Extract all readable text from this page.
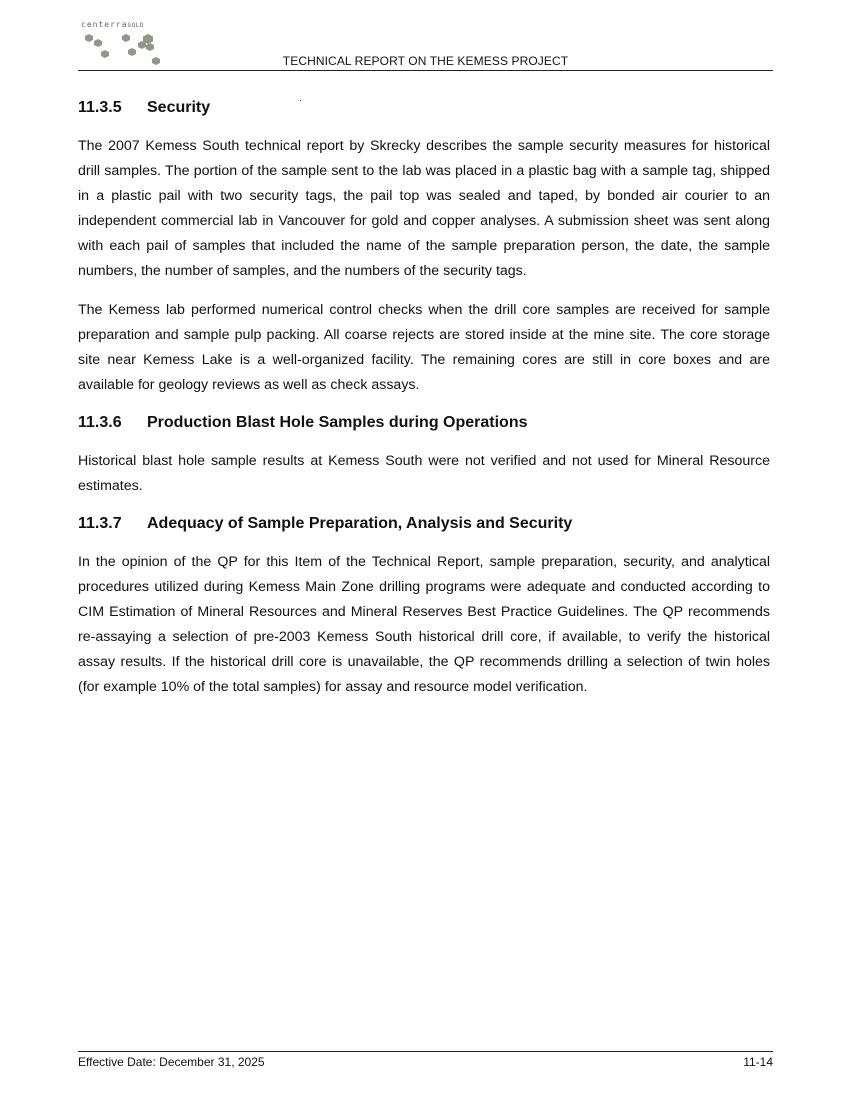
centerraGOLD
TECHNICAL REPORT ON THE KEMESS PROJECT
11.3.5	Security

The 2007 Kemess South technical report by Skrecky describes the sample security measures for historical drill samples. The portion of the sample sent to the lab was placed in a plastic bag with a sample tag, shipped in a plastic pail with two security tags, the pail top was sealed and taped, by bonded air courier to an independent commercial lab in Vancouver for gold and copper analyses. A submission sheet was sent along with each pail of samples that included the name of the sample preparation person, the date, the sample numbers, the number of samples, and the numbers of the security tags.

The Kemess lab performed numerical control checks when the drill core samples are received for sample preparation and sample pulp packing. All coarse rejects are stored inside at the mine site. The core storage site near Kemess Lake is a well-organized facility. The remaining cores are still in core boxes and are available for geology reviews as well as check assays.

11.3.6	Production Blast Hole Samples during Operations

Historical blast hole sample results at Kemess South were not verified and not used for Mineral Resource estimates.

11.3.7	Adequacy of Sample Preparation, Analysis and Security

In the opinion of the QP for this Item of the Technical Report, sample preparation, security, and analytical procedures utilized during Kemess Main Zone drilling programs were adequate and conducted according to CIM Estimation of Mineral Resources and Mineral Reserves Best Practice Guidelines. The QP recommends re-assaying a selection of pre-2003 Kemess South historical drill core, if available, to verify the historical assay results. If the historical drill core is unavailable, the QP recommends drilling a selection of twin holes (for example 10% of the total samples) for assay and resource model verification.

Effective Date: December 31, 2025	11-14
